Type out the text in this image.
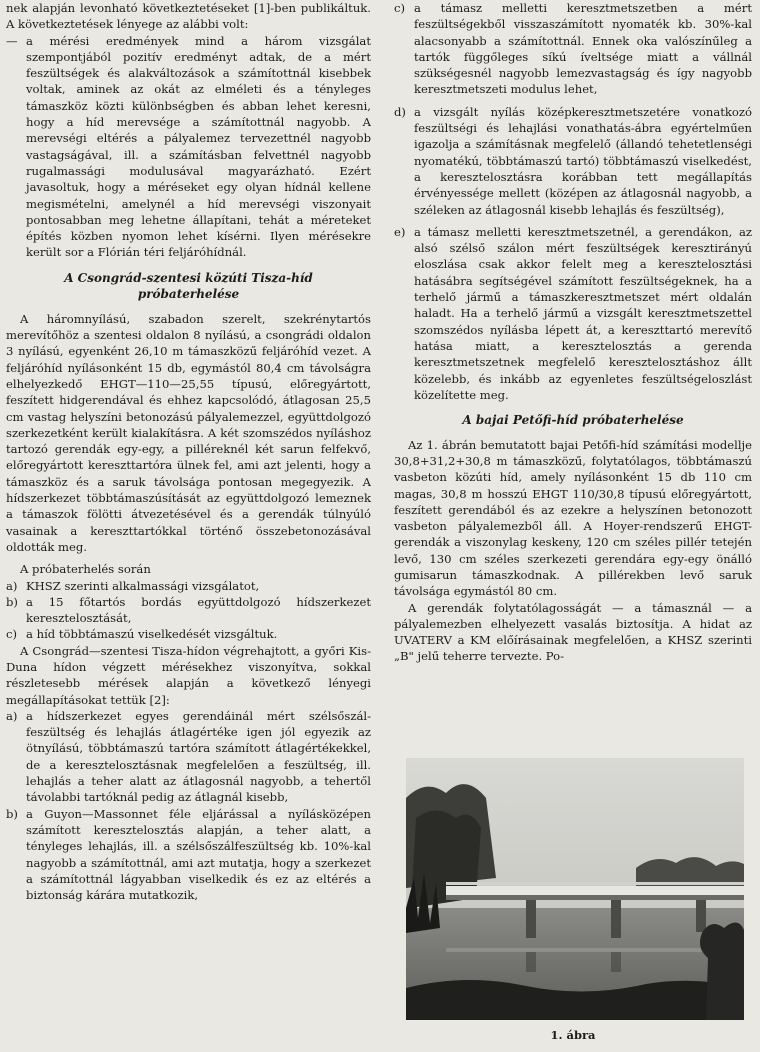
nek alapján levonható következtetéseket [1]-ben publikáltuk. A következtetések lényege az alábbi volt:

— a mérési eredmények mind a három vizsgálat szempontjából pozitív eredményt adtak, de a mért feszültségek és alakváltozások a számítottnál kisebbek voltak, aminek az okát az elméleti és a tényleges támaszköz közti különbségben és abban lehet keresni, hogy a híd merevsége a számítottnál nagyobb. A merevségi eltérés a pályalemez tervezettnél nagyobb vastagságával, ill. a számításban felvettnél nagyobb rugalmassági modulusával magyarázható. Ezért javasoltuk, hogy a méréseket egy olyan hídnál kellene megismételni, amelynél a híd merevségi viszonyait pontosabban meg lehetne állapítani, tehát a méreteket építés közben nyomon lehet kísérni. Ilyen mérésekre került sor a Flórián téri feljáróhídnál.
A Csongrád-szentesi közúti Tisza-híd
próbaterhelése

A háromnyílású, szabadon szerelt, szekrénytartós merevítőhöz a szentesi oldalon 8 nyílású, a csongrádi oldalon 3 nyílású, egyenként 26,10 m támaszközű feljáróhíd vezet. A feljáróhíd nyílásonként 15 db, egymástól 80,4 cm távolságra elhelyezkedő EHGT—110—25,55 típusú, előregyártott, feszített hidgerendával és ehhez kapcsolódó, átlagosan 25,5 cm vastag helyszíni betonozású pályalemezzel, együttdolgozó szerkezetként került kialakításra. A két szomszédos nyíláshoz tartozó gerendák egy-egy, a pilléreknél két sarun felfekvő, előregyártott kereszttartóra ülnek fel, ami azt jelenti, hogy a támaszköz és a saruk távolsága pontosan megegyezik. A hídszerkezet többtámaszúsítását az együttdolgozó lemeznek a támaszok fölötti átvezetésével és a gerendák túlnyúló vasainak a kereszttartókkal történő összebetonozásával oldották meg.

A próbaterhelés során

a) KHSZ szerinti alkalmassági vizsgálatot,
b) a 15 főtartós bordás együttdolgozó hídszerkezet keresztelosztását,
c) a híd többtámaszú viselkedését vizsgáltuk.

A Csongrád—szentesi Tisza-hídon végrehajtott, a győri Kis-Duna hídon végzett mérésekhez viszonyítva, sokkal részletesebb mérések alapján a következő lényegi megállapításokat tettük [2]:

a) a hídszerkezet egyes gerendáinál mért szélsőszál-feszültség és lehajlás átlagértéke igen jól egyezik az ötnyílású, többtámaszú tartóra számított átlagértékekkel, de a keresztelosztásnak megfelelően a feszültség, ill. lehajlás a teher alatt az átlagosnál nagyobb, a tehertől távolabbi tartóknál pedig az átlagnál kisebb,
b) a Guyon—Massonnet féle eljárással a nyílásközépen számított keresztelosztás alapján, a teher alatt, a tényleges lehajlás, ill. a szélsőszálfeszültség kb. 10%-kal nagyobb a számítottnál, ami azt mutatja, hogy a szerkezet a számítottnál lágyabban viselkedik és ez az eltérés a biztonság kárára mutatkozik,
c) a támasz melletti keresztmetszetben a mért feszültségekből visszaszámított nyomaték kb. 30%-kal alacsonyabb a számítottnál. Ennek oka valószínűleg a tartók függőleges síkú íveltsége miatt a vállnál szükségesnél nagyobb lemezvastagság és így nagyobb keresztmetszeti modulus lehet,
d) a vizsgált nyílás középkeresztmetszetére vonatkozó feszültségi és lehajlási vonathatás-ábra egyértelműen igazolja a számításnak megfelelő (állandó tehetetlenségi nyomatékú, többtámaszú tartó) többtámaszú viselkedést, a keresztelosztásra korábban tett megállapítás érvényessége mellett (középen az átlagosnál nagyobb, a széleken az átlagosnál kisebb lehajlás és feszültség),
e) a támasz melletti keresztmetszetnél, a gerendákon, az alsó szélső szálon mért feszültségek keresztirányú eloszlása csak akkor felelt meg a keresztelosztási hatásábra segítségével számított feszültségeknek, ha a terhelő jármű a támaszkeresztmetszet mért oldalán haladt. Ha a terhelő jármű a vizsgált keresztmetszettel szomszédos nyílásba lépett át, a kereszttartó merevítő hatása miatt, a keresztelosztás a gerenda keresztmetszetnek megfelelő keresztelosztáshoz állt közelebb, és inkább az egyenletes feszültségeloszlást közelítette meg.
A bajai Petőfi-híd próbaterhelése

Az 1. ábrán bemutatott bajai Petőfi-híd számítási modellje 30,8+31,2+30,8 m támaszközű, folytatólagos, többtámaszú vasbeton közúti híd, amely nyílásonként 15 db 110 cm magas, 30,8 m hosszú EHGT 110/30,8 típusú előregyártott, feszített gerendából és az ezekre a helyszínen betonozott vasbeton pályalemezből áll. A Hoyer-rendszerű EHGT-gerendák a viszonylag keskeny, 120 cm széles pillér tetején levő, 130 cm széles szerkezeti gerendára egy-egy önálló gumisarun támaszkodnak. A pillérekben levő saruk távolsága egymástól 80 cm.

A gerendák folytatólagosságát — a támasznál — a pályalemezben elhelyezett vasalás biztosítja. A hidat az UVATERV a KM előírásainak megfelelően, a KHSZ szerinti „B" jelű teherre tervezte. Po-

1. ábra
